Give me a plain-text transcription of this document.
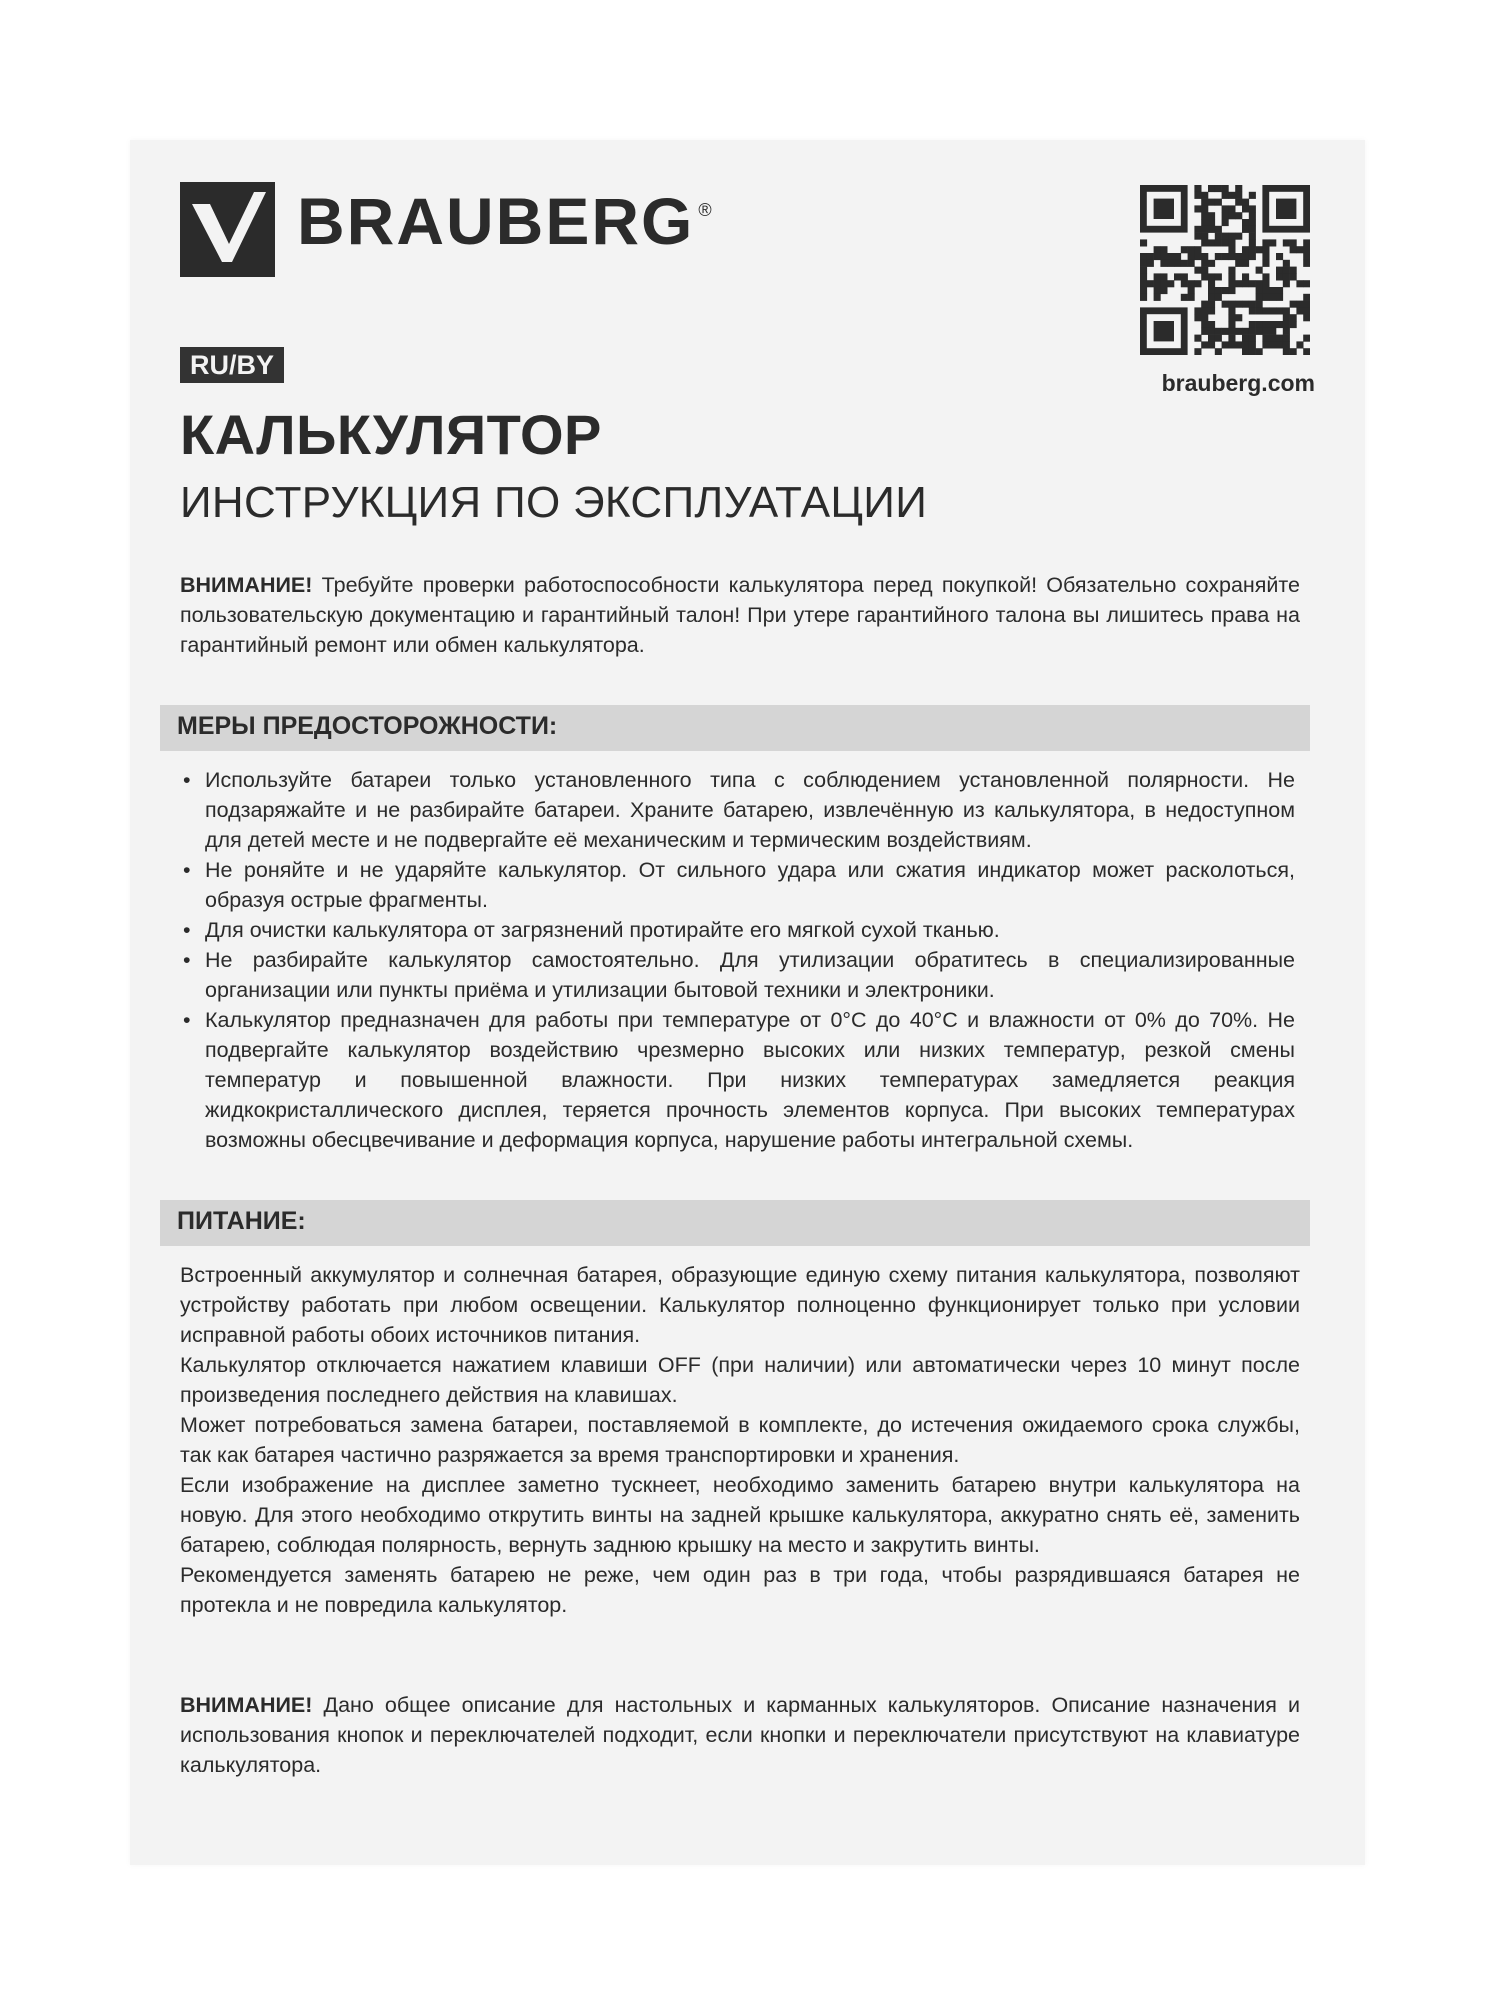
BRAUBERG ®
brauberg.com
RU/BY
КАЛЬКУЛЯТОР
ИНСТРУКЦИЯ ПО ЭКСПЛУАТАЦИИ
ВНИМАНИЕ! Требуйте проверки работоспособности калькулятора перед покупкой! Обязательно сохраняйте пользовательскую документацию и гарантийный талон! При утере гарантийного талона вы лишитесь права на гарантийный ремонт или обмен калькулятора.
МЕРЫ ПРЕДОСТОРОЖНОСТИ:
• Используйте батареи только установленного типа с соблюдением установленной полярности. Не подзаряжайте и не разбирайте батареи. Храните батарею, извлечённую из калькулятора, в недоступном для детей месте и не подвергайте её механическим и термическим воздействиям.
• Не роняйте и не ударяйте калькулятор. От сильного удара или сжатия индикатор может расколоться, образуя острые фрагменты.
• Для очистки калькулятора от загрязнений протирайте его мягкой сухой тканью.
• Не разбирайте калькулятор самостоятельно. Для утилизации обратитесь в специализированные организации или пункты приёма и утилизации бытовой техники и электроники.
• Калькулятор предназначен для работы при температуре от 0°C до 40°C и влажности от 0% до 70%. Не подвергайте калькулятор воздействию чрезмерно высоких или низких температур, резкой смены температур и повышенной влажности. При низких температурах замедляется реакция жидкокристаллического дисплея, теряется прочность элементов корпуса. При высоких температурах возможны обесцвечивание и деформация корпуса, нарушение работы интегральной схемы.
ПИТАНИЕ:

Встроенный аккумулятор и солнечная батарея, образующие единую схему питания калькулятора, позволяют устройству работать при любом освещении. Калькулятор полноценно функционирует только при условии исправной работы обоих источников питания.

Калькулятор отключается нажатием клавиши OFF (при наличии) или автоматически через 10 минут после произведения последнего действия на клавишах.

Может потребоваться замена батареи, поставляемой в комплекте, до истечения ожидаемого срока службы, так как батарея частично разряжается за время транспортировки и хранения.

Если изображение на дисплее заметно тускнеет, необходимо заменить батарею внутри калькулятора на новую. Для этого необходимо открутить винты на задней крышке калькулятора, аккуратно снять её, заменить батарею, соблюдая полярность, вернуть заднюю крышку на место и закрутить винты.

Рекомендуется заменять батарею не реже, чем один раз в три года, чтобы разрядившаяся батарея не протекла и не повредила калькулятор.

ВНИМАНИЕ! Дано общее описание для настольных и карманных калькуляторов. Описание назначения и использования кнопок и переключателей подходит, если кнопки и переключатели присутствуют на клавиатуре калькулятора.
